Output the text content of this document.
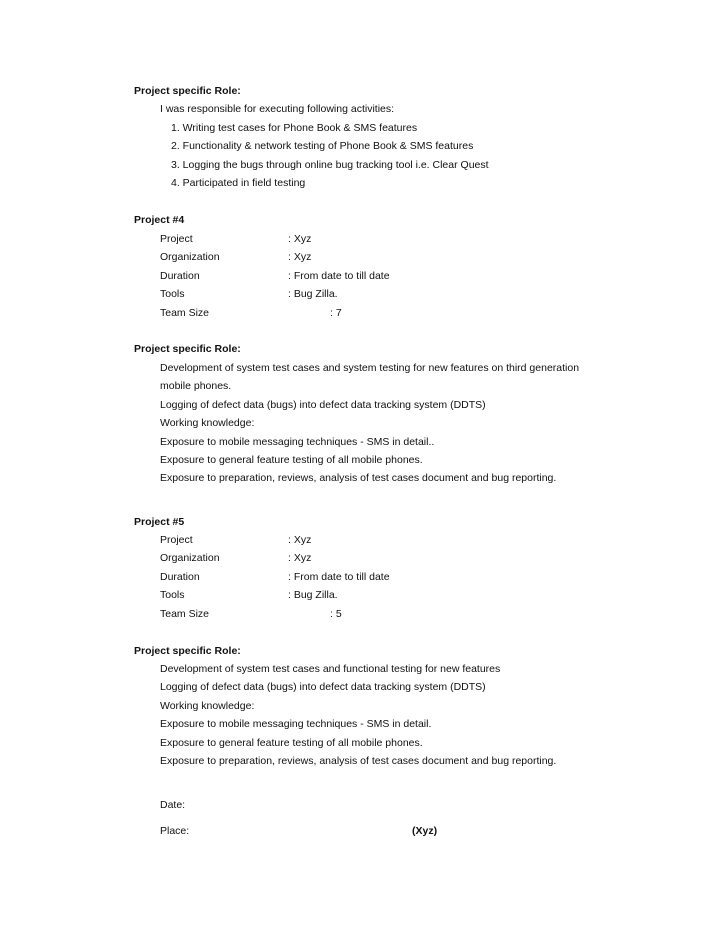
Project specific Role:
I was responsible for executing following activities:
1. Writing test cases for Phone Book & SMS features
2. Functionality & network testing of Phone Book & SMS features
3. Logging the bugs through online bug tracking tool i.e. Clear Quest
4. Participated in field testing
Project #4
Project	: Xyz
Organization	: Xyz
Duration	: From date to till date
Tools	: Bug Zilla.
Team Size	: 7
Project specific Role:
Development of system test cases and system testing for new features on third generation
mobile phones.
Logging of defect data (bugs) into defect data tracking system (DDTS)
Working knowledge:
Exposure to mobile messaging techniques - SMS in detail..
Exposure to general feature testing of all mobile phones.
Exposure to preparation, reviews, analysis of test cases document and bug reporting.
Project #5
Project	: Xyz
Organization	: Xyz
Duration	: From date to till date
Tools	: Bug Zilla.
Team Size	: 5
Project specific Role:
Development of system test cases and functional testing for new features
Logging of defect data (bugs) into defect data tracking system (DDTS)
Working knowledge:
Exposure to mobile messaging techniques - SMS in detail.
Exposure to general feature testing of all mobile phones.
Exposure to preparation, reviews, analysis of test cases document and bug reporting.
Date:
Place:	(Xyz)
